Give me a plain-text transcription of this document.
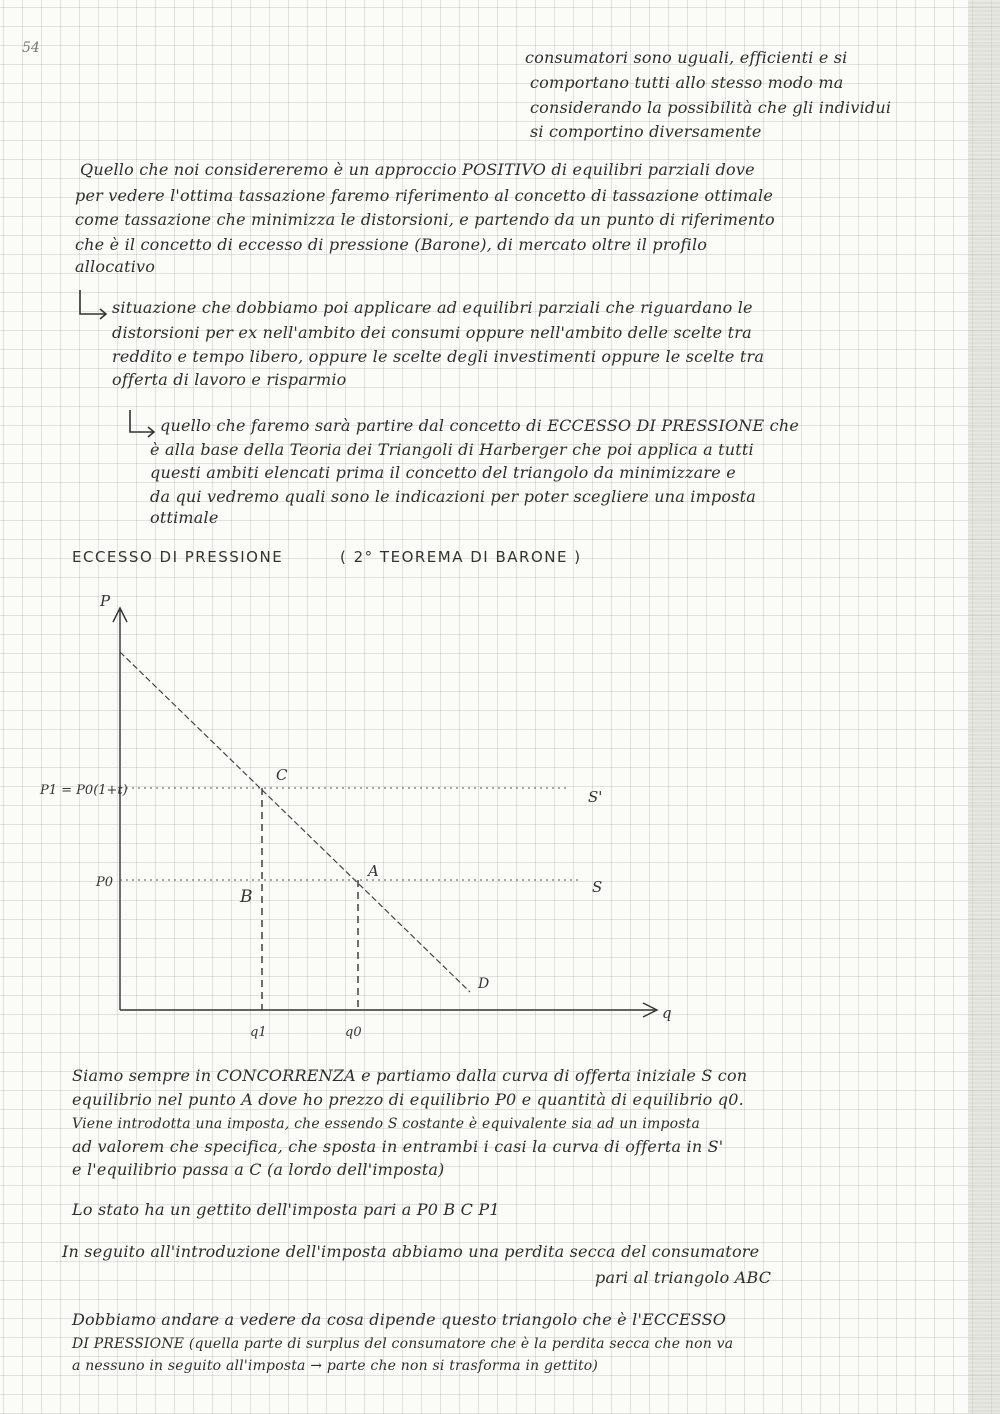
54	consumatori sono uguali, efficienti e si
comportano tutti allo stesso modo ma
considerando la possibilità che gli individui
si comportino diversamente
Quello che noi considereremo è un approccio POSITIVO di equilibri parziali dove
per vedere l'ottima tassazione faremo riferimento al concetto di tassazione ottimale
come tassazione che minimizza le distorsioni, e partendo da un punto di riferimento
che è il concetto di eccesso di pressione (Barone), di mercato oltre il profilo
allocativo
situazione che dobbiamo poi applicare ad equilibri parziali che riguardano le
distorsioni per ex nell'ambito dei consumi oppure nell'ambito delle scelte tra
reddito e tempo libero, oppure le scelte degli investimenti oppure le scelte tra
offerta di lavoro e risparmio
quello che faremo sarà partire dal concetto di ECCESSO DI PRESSIONE che
è alla base della Teoria dei Triangoli di Harberger che poi applica a tutti
questi ambiti elencati prima il concetto del triangolo da minimizzare e
da qui vedremo quali sono le indicazioni per poter scegliere una imposta
ottimale
ECCESSO DI PRESSIONE	( 2° TEOREMA DI BARONE )
P
q
D
P1 = P0(1+t)
P0
C
A
B
S'
S
q1	q0
Siamo sempre in CONCORRENZA e partiamo dalla curva di offerta iniziale S con
equilibrio nel punto A dove ho prezzo di equilibrio P0 e quantità di equilibrio q0.
Viene introdotta una imposta, che essendo S costante è equivalente sia ad un imposta
ad valorem che specifica, che sposta in entrambi i casi la curva di offerta in S'
e l'equilibrio passa a C (a lordo dell'imposta)
Lo stato ha un gettito dell'imposta pari a P0 B C P1
In seguito all'introduzione dell'imposta abbiamo una perdita secca del consumatore
pari al triangolo ABC
Dobbiamo andare a vedere da cosa dipende questo triangolo che è l'ECCESSO
DI PRESSIONE (quella parte di surplus del consumatore che è la perdita secca che non va
a nessuno in seguito all'imposta → parte che non si trasforma in gettito)
